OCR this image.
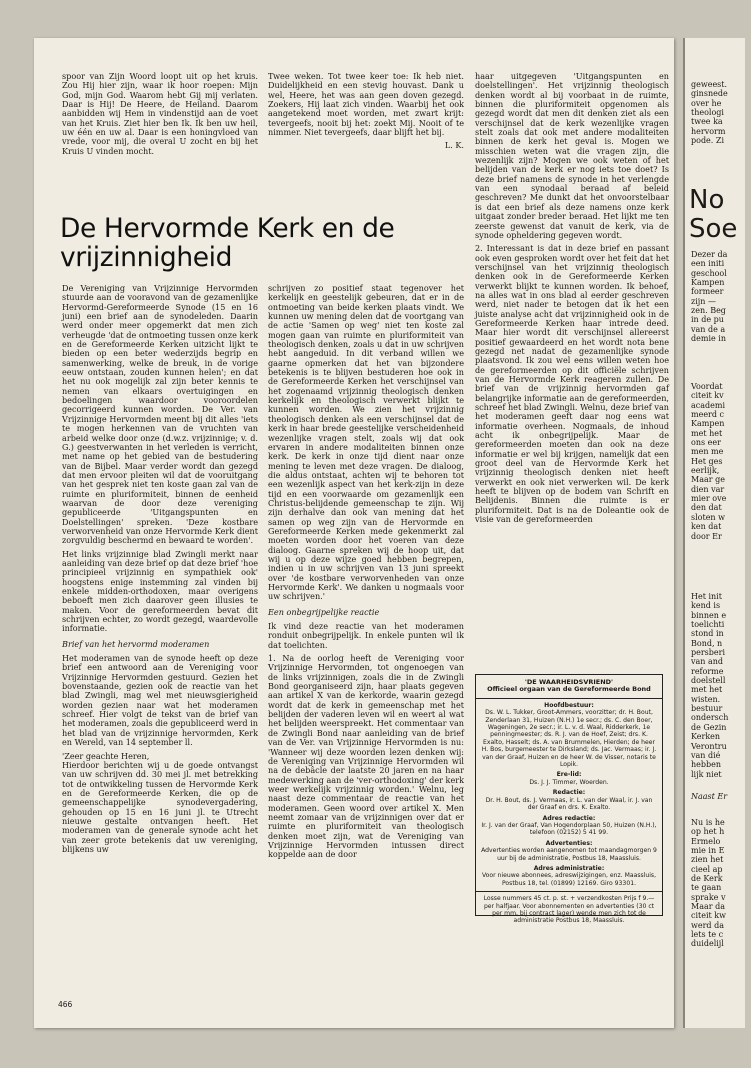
spoor van Zijn Woord loopt uit op het kruis. Zou Hij hier zijn, waar ik hoor roepen: Mijn God, mijn God. Waarom hebt Gij mij verlaten. Daar is Hij! De Heere, de Heiland. Daarom aanbidden wij Hem in vindenstijd aan de voet van het Kruis. Ziet hier ben Ik. Ik ben uw heil, uw één en uw al. Daar is een honingvloed van vrede, voor mij, die overal U zocht en bij het Kruis U vinden mocht.

Twee weken. Tot twee keer toe: Ik heb niet. Duidelijkheid en een stevig houvast. Dank u wel, Heere, het was aan geen doven gezegd. Zoekers, Hij laat zich vinden. Waarbij het ook aangetekend moet worden, met zwart krijt: tevergeefs, nooit bij het: zoekt Mij. Nooit of te nimmer. Niet tevergeefs, daar blijft het bij.

L. K.
De Hervormde Kerk en de vrijzinnigheid

De Vereniging van Vrijzinnige Hervormden stuurde aan de vooravond van de gezamenlijke Hervormd-Gereformeerde Synode (15 en 16 juni) een brief aan de synodeleden. Daarin werd onder meer opgemerkt dat men zich verheugde 'dat de ontmoeting tussen onze kerk en de Gereformeerde Kerken uitzicht lijkt te bieden op een beter wederzijds begrip en samenwerking, welke de breuk, in de vorige eeuw ontstaan, zouden kunnen helen'; en dat het nu ook mogelijk zal zijn beter kennis te nemen van elkaars overtuigingen en bedoelingen waardoor vooroordelen gecorrigeerd kunnen worden. De Ver. van Vrijzinnige Hervormden meent bij dit alles 'iets te mogen herkennen van de vruchten van arbeid welke door onze (d.w.z. vrijzinnige; v. d. G.) geestverwanten in het verleden is verricht, met name op het gebied van de bestudering van de Bijbel. Maar verder wordt dan gezegd dat men ervoor pleiten wil dat de vooruitgang van het gesprek niet ten koste gaan zal van de ruimte en pluriformiteit, binnen de eenheid waarvan de door deze vereniging gepubliceerde 'Uitgangspunten en Doelstellingen' spreken. 'Deze kostbare verworvenheid van onze Hervormde Kerk dient zorgvuldig beschermd en bewaard te worden'.

Het links vrijzinnige blad Zwingli merkt naar aanleiding van deze brief op dat deze brief 'hoe principieel vrijzinnig en sympathiek ook' hoogstens enige instemming zal vinden bij enkele midden-orthodoxen, maar overigens beboeft men zich daarover geen illusies te maken. Voor de gereformeerden bevat dit schrijven echter, zo wordt gezegd, waardevolle informatie.

Brief van het hervormd moderamen

Het moderamen van de synode heeft op deze brief een antwoord aan de Vereniging voor Vrijzinnige Hervormden gestuurd. Gezien het bovenstaande, gezien ook de reactie van het blad Zwingli, mag wel met nieuwsgierigheid worden gezien naar wat het moderamen schreef. Hier volgt de tekst van de brief van het moderamen, zoals die gepubliceerd werd in het blad van de vrijzinnige hervormden, Kerk en Wereld, van 14 september ll.

'Zeer geachte Heren,
Hierdoor berichten wij u de goede ontvangst van uw schrijven dd. 30 mei jl. met betrekking tot de ontwikkeling tussen de Hervormde Kerk en de Gereformeerde Kerken, die op de gemeenschappelijke synodevergadering, gehouden op 15 en 16 juni jl. te Utrecht nieuwe gestalte ontvangen heeft. Het moderamen van de generale synode acht het van zeer grote betekenis dat uw vereniging, blijkens uw

schrijven zo positief staat tegenover het kerkelijk en geestelijk gebeuren, dat er in de ontmoeting van beide kerken plaats vindt. We kunnen uw mening delen dat de voortgang van de actie 'Samen op weg' niet ten koste zal mogen gaan van ruimte en pluriformiteit van theologisch denken, zoals u dat in uw schrijven hebt aangeduid. In dit verband willen we gaarne opmerken dat het van bijzondere betekenis is te blijven bestuderen hoe ook in de Gereformeerde Kerken het verschijnsel van het zogenaamd vrijzinnig theologisch denken kerkelijk en theologisch verwerkt blijkt te kunnen worden. We zien het vrijzinnig theologisch denken als een verschijnsel dat de kerk in haar brede geestelijke verscheidenheid wezenlijke vragen stelt, zoals wij dat ook ervaren in andere modaliteiten binnen onze kerk. De kerk in onze tijd dient naar onze mening te leven met deze vragen. De dialoog, die aldus ontstaat, achten wij te behoren tot een wezenlijk aspect van het kerk-zijn in deze tijd en een voorwaarde om gezamenlijk een Christus-belijdende gemeenschap te zijn. Wij zijn derhalve dan ook van mening dat het samen op weg zijn van de Hervormde en Gereformeerde Kerken mede gekenmerkt zal moeten worden door het voeren van deze dialoog. Gaarne spreken wij de hoop uit, dat wij u op deze wijze goed hebben begrepen, indien u in uw schrijven van 13 juni spreekt over 'de kostbare verworvenheden van onze Hervormde Kerk'. We danken u nogmaals voor uw schrijven.'

Een onbegrijpelijke reactie

Ik vind deze reactie van het moderamen ronduit onbegrijpelijk. In enkele punten wil ik dat toelichten.

1. Na de oorlog heeft de Vereniging voor Vrijzinnige Hervormden, tot ongenoegen van de links vrijzinnigen, zoals die in de Zwingli Bond georganiseerd zijn, haar plaats gegeven aan artikel X van de kerkorde, waarin gezegd wordt dat de kerk in gemeenschap met het belijden der vaderen leven wil en weert al wat het belijden weerspreekt. Het commentaar van de Zwingli Bond naar aanleiding van de brief van de Ver. van Vrijzinnige Hervormden is nu: 'Wanneer wij deze woorden lezen denken wij: de Vereniging van Vrijzinnige Hervormden wil na de debâcle der laatste 20 jaren en na haar medewerking aan de 'ver-orthodoxing' der kerk weer werkelijk vrijzinnig worden.' Welnu, leg naast deze commentaar de reactie van het moderamen. Geen woord over artikel X. Men neemt zomaar van de vrijzinnigen over dat er ruimte en pluriformiteit van theologisch denken moet zijn, wat de Vereniging van Vrijzinnige Hervormden intussen direct koppelde aan de door

haar uitgegeven 'Uitgangspunten en doelstellingen'. Het vrijzinnig theologisch denken wordt al bij voorbaat in de ruimte, binnen die pluriformiteit opgenomen als gezegd wordt dat men dit denken ziet als een verschijnsel dat de kerk wezenlijke vragen stelt zoals dat ook met andere modaliteiten binnen de kerk het geval is. Mogen we misschien weten wat die vragen zijn, die wezenlijk zijn? Mogen we ook weten of het belijden van de kerk er nog iets toe doet? Is deze brief namens de synode in het verlengde van een synodaal beraad af beleid geschreven? Me dunkt dat het onvoorstelbaar is dat een brief als deze namens onze kerk uitgaat zonder breder beraad. Het lijkt me ten zeerste gewenst dat vanuit de kerk, via de synode opheldering gegeven wordt.

2. Interessant is dat in deze brief en passant ook even gesproken wordt over het feit dat het verschijnsel van het vrijzinnig theologisch denken ook in de Gereformeerde Kerken verwerkt blijkt te kunnen worden. Ik behoef, na alles wat in ons blad al eerder geschreven werd, niet nader te betogen dat ik het een juiste analyse acht dat vrijzinnigheid ook in de Gereformeerde Kerken haar intrede deed. Maar hier wordt dit verschijnsel allereerst positief gewaardeerd en het wordt nota bene gezegd net nadat de gezamenlijke synode plaatsvond. Ik zou wel eens willen weten hoe de gereformeerden op dit officiële schrijven van de Hervormde Kerk reageren zullen. De brief van de vrijzinnig hervormden gaf belangrijke informatie aan de gereformeerden, schreef het blad Zwingli. Welnu, deze brief van het moderamen geeft daar nog eens wat informatie overheen. Nogmaals, de inhoud acht ik onbegrijpelijk. Maar de gereformeerden moeten dan ook na deze informatie er wel bij krijgen, namelijk dat een groot deel van de Hervormde Kerk het vrijzinnig theologisch denken niet heeft verwerkt en ook niet verwerken wil. De kerk heeft te blijven op de bodem van Schrift en Belijdenis. Binnen die ruimte is er pluriformiteit. Dat is na de Doleantie ook de visie van de gereformeerden

'DE WAARHEIDSVRIEND'
Officieel orgaan van de Gereformeerde Bond
Hoofdbestuur:
Ds. W. L. Tukker, Groot-Ammers, voorzitter; dr. H. Bout, Zenderlaan 31, Huizen (N.H.) 1e secr.; ds. C. den Boer, Wageningen, 2e secr.; ir. L. v. d. Waal, Ridderkerk, 1e penningmeester; ds. R. J. van de Hoef, Zeist; drs. K. Exalto, Hasselt; ds. A. van Brummelen, Hierden; de heer H. Bos, burgemeester te Dirksland; ds. Jac. Vermaas; ir. J. van der Graaf, Huizen en de heer W. de Visser, notaris te Lopik.
Ere-lid:
Ds. J. J. Timmer, Woerden.
Redactie:
Dr. H. Bout, ds. J. Vermaas, ir. L. van der Waal, ir. J. van der Graaf en drs. K. Exalto.
Adres redactie:
Ir. J. van der Graaf, Van Hogendorplaan 50, Huizen (N.H.), telefoon (02152) 5 41 99.
Advertenties:
Advertenties worden aangenomen tot maandagmorgen 9 uur bij de administratie, Postbus 18, Maassluis.
Adres administratie:
Voor nieuwe abonnees, adreswijzigingen, enz. Maassluis, Postbus 18, tel. (01899) 12169. Giro 93301.
Losse nummers 45 ct. p. st. + verzendkosten Prijs f 9.— per halfjaar. Voor abonnementen en advertenties (30 ct per mm, bij contract lager) wende men zich tot de administratie Postbus 18, Maassluis.
466
geweest.
ginsnede
over he
theologi
twee ka
hervorm
pode. Zi
No
Soe
Dezer da
een initi
geschool
Kampen
formeer
zijn —
zen. Beg
in de pu
van de a
demie in
Voordat
citeit kv
academi
meerd c
Kampen
met het
ons eer
men me
Het ges
eerlijk,
Maar ge
dien var
mier ove
den dat
sloten w
ken dat
door Er
Het init
kend is
binnen e
toelichti
stond in
Bond, n
persberi
van and
reforme
doelstell
met het
wisten.
bestuur
ondersch
de Gezin
Kerken
Verontru
van dié
hebben
lijk niet
Naast Er
Nu is he
op het h
Ermelo
mie in E
zien het
cieel ap
de Kerk
te gaan
sprake v
Maar da
citeit kw
werd da
lets te c
duidelijl
